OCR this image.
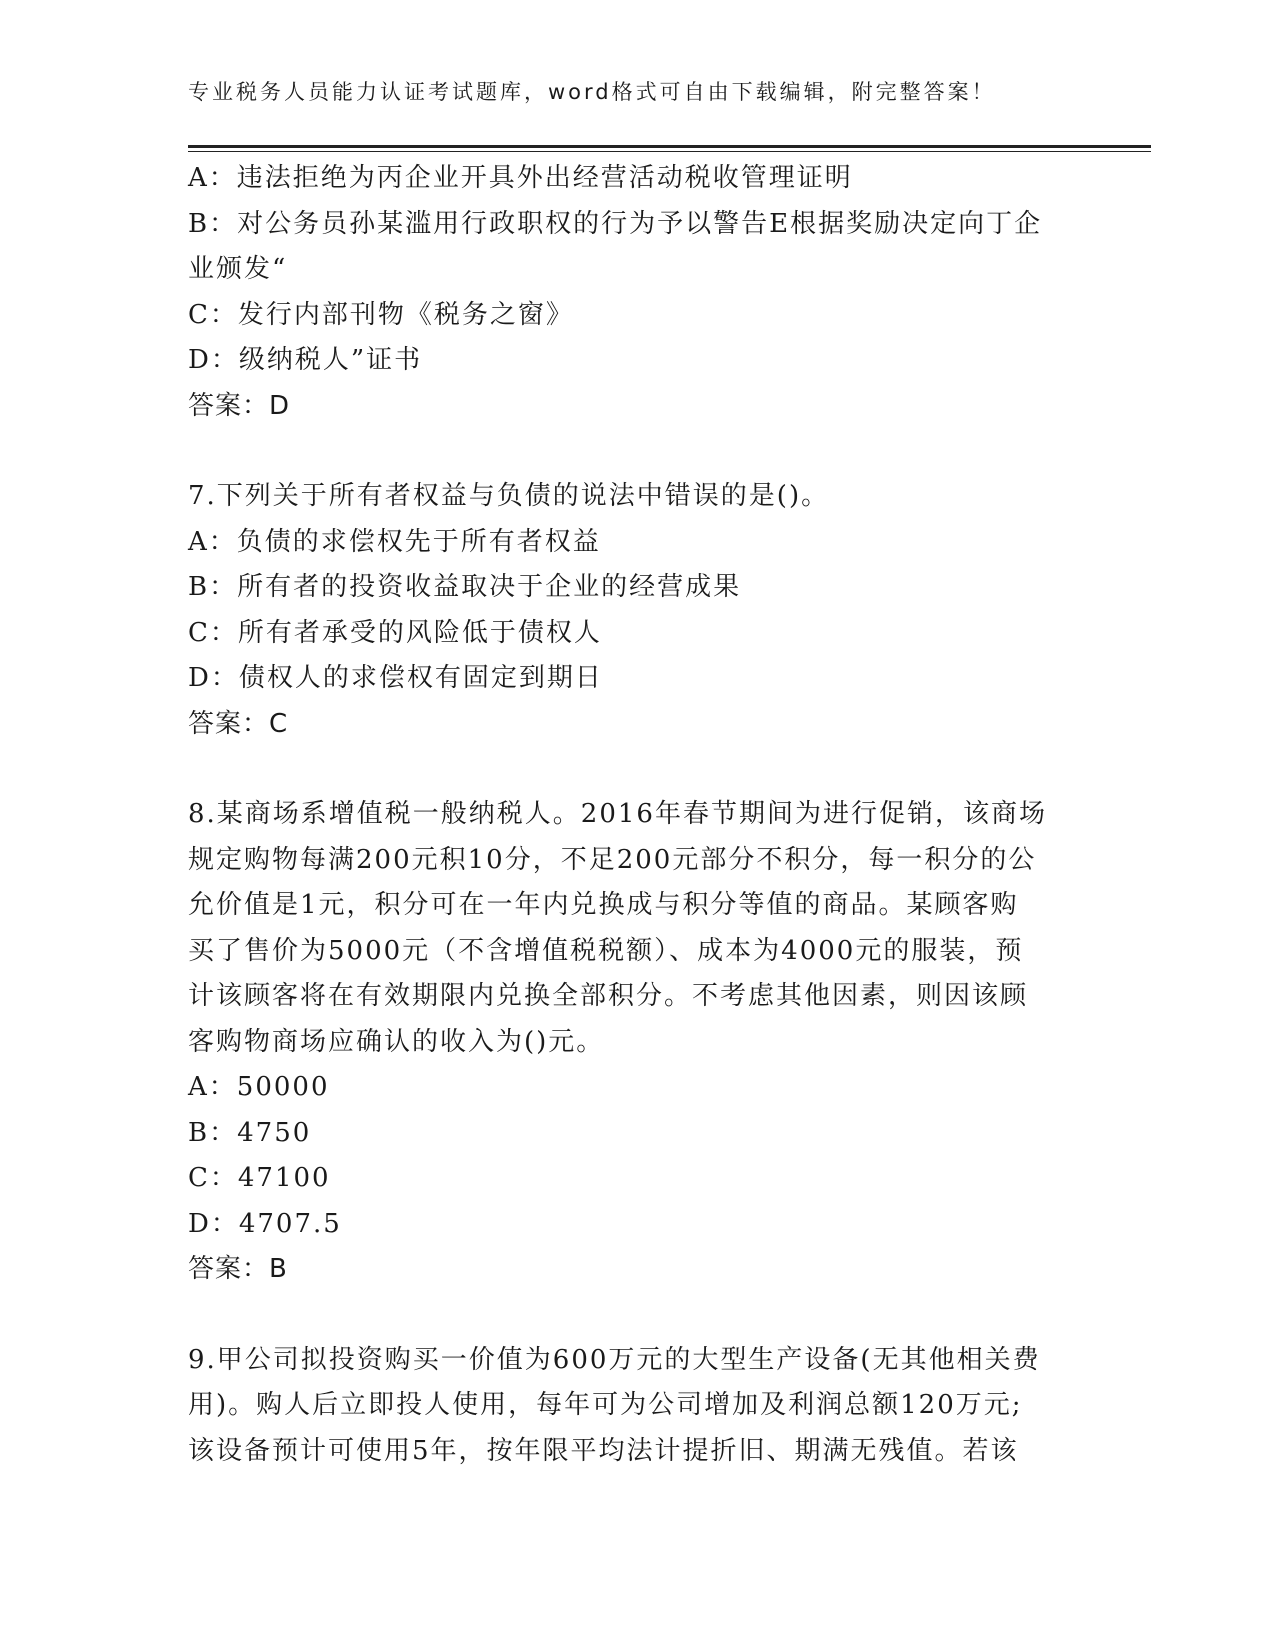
专业税务人员能力认证考试题库，word格式可自由下载编辑，附完整答案！
A：违法拒绝为丙企业开具外出经营活动税收管理证明
B：对公务员孙某滥用行政职权的行为予以警告E根据奖励决定向丁企
业颁发“
C：发行内部刊物《税务之窗》
D：级纳税人”证书
答案：D
7.下列关于所有者权益与负债的说法中错误的是()。
A：负债的求偿权先于所有者权益
B：所有者的投资收益取决于企业的经营成果
C：所有者承受的风险低于债权人
D：债权人的求偿权有固定到期日
答案：C
8.某商场系增值税一般纳税人。2016年春节期间为进行促销，该商场
规定购物每满200元积10分，不足200元部分不积分，每一积分的公
允价值是1元，积分可在一年内兑换成与积分等值的商品。某顾客购
买了售价为5000元（不含增值税税额）、成本为4000元的服装，预
计该顾客将在有效期限内兑换全部积分。不考虑其他因素，则因该顾
客购物商场应确认的收入为()元。
A：50000
B：4750
C：47100
D：4707.5
答案：B
9.甲公司拟投资购买一价值为600万元的大型生产设备(无其他相关费
用)。购人后立即投人使用，每年可为公司增加及利润总额120万元;
该设备预计可使用5年，按年限平均法计提折旧、期满无残值。若该
